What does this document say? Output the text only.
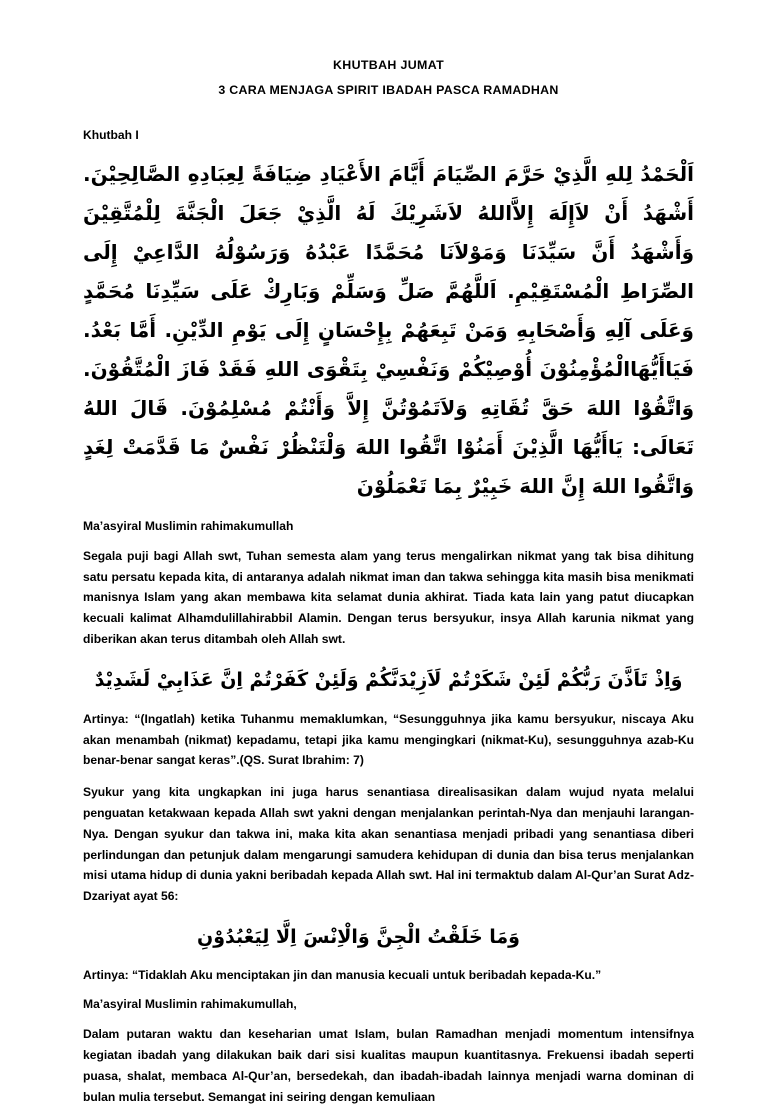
KHUTBAH JUMAT
3 CARA MENJAGA SPIRIT IBADAH PASCA RAMADHAN

Khutbah I

اَلْحَمْدُ لِلهِ الَّذِيْ حَرَّمَ الصِّيَامَ أَيَّامَ الأَعْيَادِ ضِيَافَةً لِعِبَادِهِ الصَّالِحِيْنَ. أَشْهَدُ أَنْ لاَإِلَهَ إِلاَّاللهُ لاَشَرِيْكَ لَهُ الَّذِيْ جَعَلَ الْجَنَّةَ لِلْمُتَّقِيْنَ وَأَشْهَدُ أَنَّ سَيِّدَنَا وَمَوْلاَنَا مُحَمَّدًا عَبْدُهُ وَرَسُوْلُهُ الدَّاعِيْ إِلَى الصِّرَاطِ الْمُسْتَقِيْمِ. اَللَّهُمَّ صَلِّ وَسَلِّمْ وَبَارِكْ عَلَى سَيِّدِنَا مُحَمَّدٍ وَعَلَى آلِهِ وَأَصْحَابِهِ وَمَنْ تَبِعَهُمْ بِإِحْسَانٍ إِلَى يَوْمِ الدِّيْنِ. أَمَّا بَعْدُ. فَيَاأَيُّهَاالْمُؤْمِنُوْنَ أُوْصِيْكُمْ وَنَفْسِيْ بِتَقْوَى اللهِ فَقَدْ فَازَ الْمُتَّقُوْنَ. وَاتَّقُوْا اللهَ حَقَّ تُقَاتِهِ وَلاَتَمُوْتُنَّ إِلاَّ وَأَنْتُمْ مُسْلِمُوْنَ. قَالَ اللهُ تَعَالَى: يَاأَيُّهَا الَّذِيْنَ أَمَنُوْا اتَّقُوا اللهَ وَلْتَنْظُرْ نَفْسٌ مَا قَدَّمَتْ لِغَدٍ وَاتَّقُوا اللهَ إِنَّ اللهَ خَبِيْرٌ بِمَا تَعْمَلُوْنَ

Ma’asyiral Muslimin rahimakumullah

Segala puji bagi Allah swt, Tuhan semesta alam yang terus mengalirkan nikmat yang tak bisa dihitung satu persatu kepada kita, di antaranya adalah nikmat iman dan takwa sehingga kita masih bisa menikmati manisnya Islam yang akan membawa kita selamat dunia akhirat. Tiada kata lain yang patut diucapkan kecuali kalimat Alhamdulillahirabbil Alamin. Dengan terus bersyukur, insya Allah karunia nikmat yang diberikan akan terus ditambah oleh Allah swt.

وَاِذْ تَاَذَّنَ رَبُّكُمْ لَئِنْ شَكَرْتُمْ لَاَزِيْدَنَّكُمْ وَلَئِنْ كَفَرْتُمْ اِنَّ عَذَابِيْ لَشَدِيْدٌ

Artinya: “(Ingatlah) ketika Tuhanmu memaklumkan, “Sesungguhnya jika kamu bersyukur, niscaya Aku akan menambah (nikmat) kepadamu, tetapi jika kamu mengingkari (nikmat-Ku), sesungguhnya azab-Ku benar-benar sangat keras”.(QS. Surat Ibrahim: 7)

Syukur yang kita ungkapkan ini juga harus senantiasa direalisasikan dalam wujud nyata melalui penguatan ketakwaan kepada Allah swt yakni dengan menjalankan perintah-Nya dan menjauhi larangan-Nya. Dengan syukur dan takwa ini, maka kita akan senantiasa menjadi pribadi yang senantiasa diberi perlindungan dan petunjuk dalam mengarungi samudera kehidupan di dunia dan bisa terus menjalankan misi utama hidup di dunia yakni beribadah kepada Allah swt. Hal ini termaktub dalam Al-Qur’an Surat Adz-Dzariyat ayat 56:

وَمَا خَلَقْتُ الْجِنَّ وَالْاِنْسَ اِلَّا لِيَعْبُدُوْنِ

Artinya: “Tidaklah Aku menciptakan jin dan manusia kecuali untuk beribadah kepada-Ku.”

Ma’asyiral Muslimin rahimakumullah,

Dalam putaran waktu dan keseharian umat Islam, bulan Ramadhan menjadi momentum intensifnya kegiatan ibadah yang dilakukan baik dari sisi kualitas maupun kuantitasnya. Frekuensi ibadah seperti puasa, shalat, membaca Al-Qur’an, bersedekah, dan ibadah-ibadah lainnya menjadi warna dominan di bulan mulia tersebut. Semangat ini seiring dengan kemuliaan
